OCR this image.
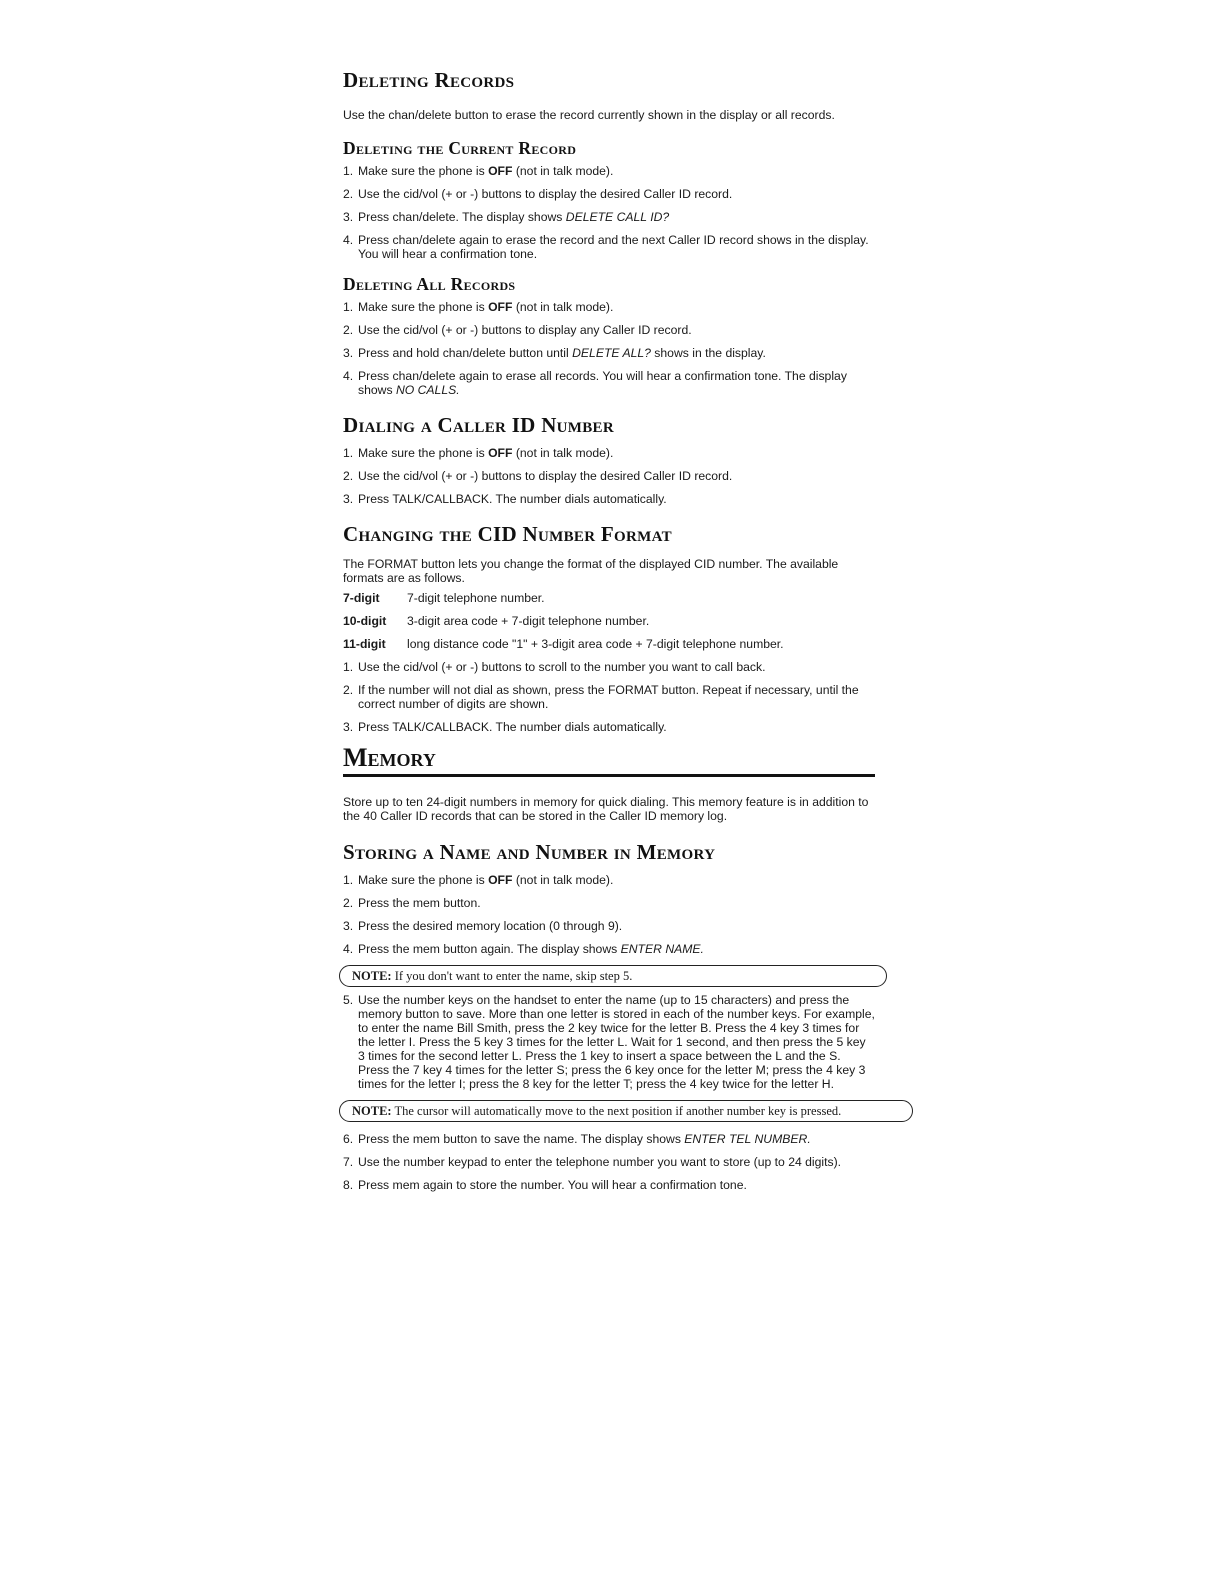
Deleting Records

Use the chan/delete button to erase the record currently shown in the display or all records.

Deleting the Current Record
1. Make sure the phone is OFF (not in talk mode).
2. Use the cid/vol (+ or -) buttons to display the desired Caller ID record.
3. Press chan/delete. The display shows DELETE CALL ID?
4. Press chan/delete again to erase the record and the next Caller ID record shows in the display. You will hear a confirmation tone.
Deleting All Records
1. Make sure the phone is OFF (not in talk mode).
2. Use the cid/vol (+ or -) buttons to display any Caller ID record.
3. Press and hold chan/delete button until DELETE ALL? shows in the display.
4. Press chan/delete again to erase all records. You will hear a confirmation tone. The display shows NO CALLS.
Dialing a Caller ID Number
1. Make sure the phone is OFF (not in talk mode).
2. Use the cid/vol (+ or -) buttons to display the desired Caller ID record.
3. Press TALK/CALLBACK. The number dials automatically.
Changing the CID Number Format

The FORMAT button lets you change the format of the displayed CID number. The available formats are as follows.

7-digit	7-digit telephone number.
10-digit	3-digit area code + 7-digit telephone number.
11-digit	long distance code "1" + 3-digit area code + 7-digit telephone number.
1. Use the cid/vol (+ or -) buttons to scroll to the number you want to call back.
2. If the number will not dial as shown, press the FORMAT button. Repeat if necessary, until the correct number of digits are shown.
3. Press TALK/CALLBACK. The number dials automatically.
Memory

Store up to ten 24-digit numbers in memory for quick dialing. This memory feature is in addition to the 40 Caller ID records that can be stored in the Caller ID memory log.

Storing a Name and Number in Memory
1. Make sure the phone is OFF (not in talk mode).
2. Press the mem button.
3. Press the desired memory location (0 through 9).
4. Press the mem button again. The display shows ENTER NAME.
NOTE: If you don't want to enter the name, skip step 5.
5. Use the number keys on the handset to enter the name (up to 15 characters) and press the memory button to save. More than one letter is stored in each of the number keys. For example, to enter the name Bill Smith, press the 2 key twice for the letter B. Press the 4 key 3 times for the letter I. Press the 5 key 3 times for the letter L. Wait for 1 second, and then press the 5 key 3 times for the second letter L. Press the 1 key to insert a space between the L and the S. Press the 7 key 4 times for the letter S; press the 6 key once for the letter M; press the 4 key 3 times for the letter I; press the 8 key for the letter T; press the 4 key twice for the letter H.
NOTE: The cursor will automatically move to the next position if another number key is pressed.
6. Press the mem button to save the name. The display shows ENTER TEL NUMBER.
7. Use the number keypad to enter the telephone number you want to store (up to 24 digits).
8. Press mem again to store the number. You will hear a confirmation tone.
